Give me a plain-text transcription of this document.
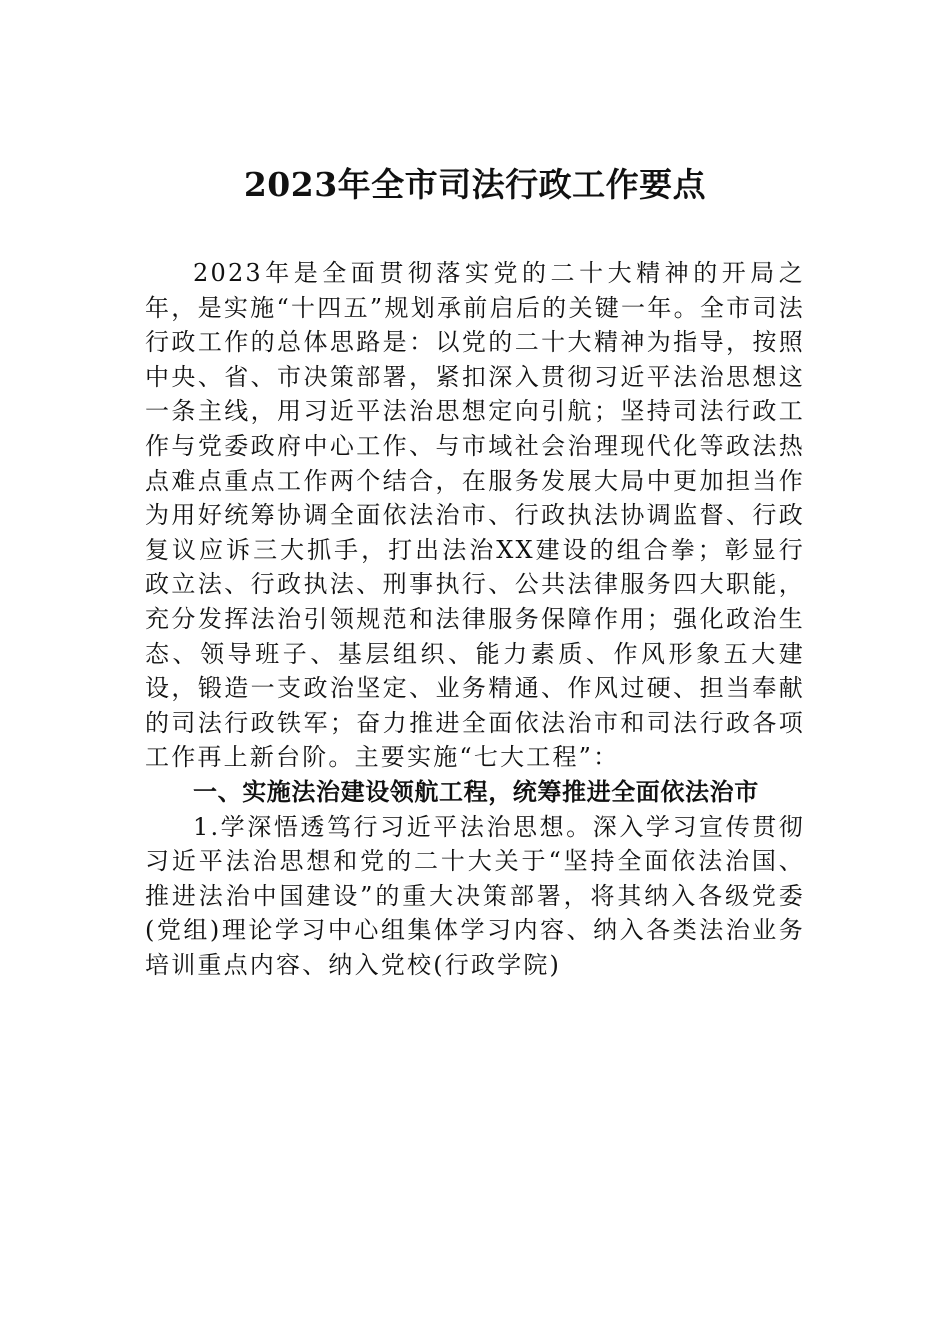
2023年全市司法行政工作要点

2023年是全面贯彻落实党的二十大精神的开局之年，是实施“十四五”规划承前启后的关键一年。全市司法行政工作的总体思路是：以党的二十大精神为指导，按照中央、省、市决策部署，紧扣深入贯彻习近平法治思想这一条主线，用习近平法治思想定向引航；坚持司法行政工作与党委政府中心工作、与市域社会治理现代化等政法热点难点重点工作两个结合，在服务发展大局中更加担当作为用好统筹协调全面依法治市、行政执法协调监督、行政复议应诉三大抓手，打出法治XX建设的组合拳；彰显行政立法、行政执法、刑事执行、公共法律服务四大职能，充分发挥法治引领规范和法律服务保障作用；强化政治生态、领导班子、基层组织、能力素质、作风形象五大建设，锻造一支政治坚定、业务精通、作风过硬、担当奉献的司法行政铁军；奋力推进全面依法治市和司法行政各项工作再上新台阶。主要实施“七大工程”：

一、实施法治建设领航工程，统筹推进全面依法治市

1.学深悟透笃行习近平法治思想。深入学习宣传贯彻习近平法治思想和党的二十大关于“坚持全面依法治国、推进法治中国建设”的重大决策部署，将其纳入各级党委(党组)理论学习中心组集体学习内容、纳入各类法治业务培训重点内容、纳入党校(行政学院)
